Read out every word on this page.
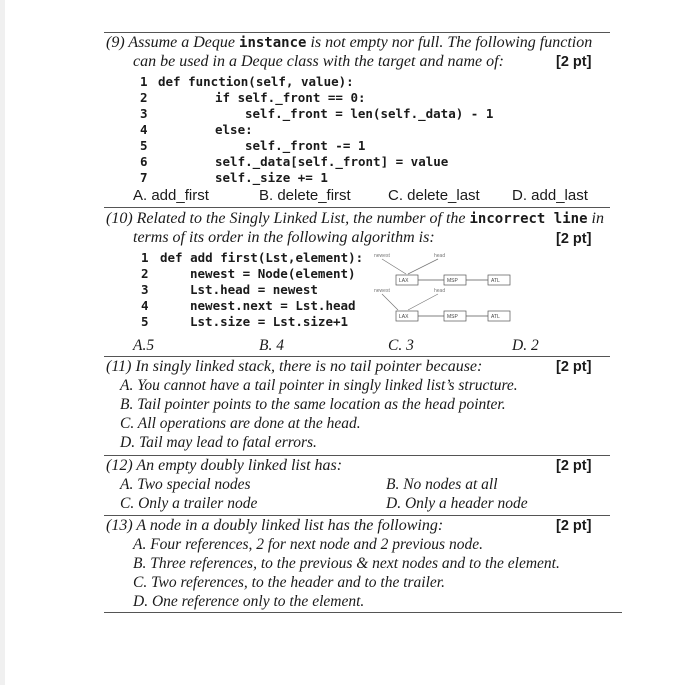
(9) Assume a Deque instance is not empty nor full. The following function
can be used in a Deque class with the target and name of:	[2 pt]
1 def function(self, value):
2	if self._front == 0:
3	self._front = len(self._data) - 1
4	else:
5	self._front -= 1
6	self._data[self._front] = value
7	self._size += 1
A. add_first	B. delete_first C. delete_last D. add_last
(10) Related to the Singly Linked List, the number of the incorrect line in
terms of its order in the following algorithm is:	[2 pt]
1 def add first(Lst,element):
2	newest = Node(element)
3	Lst.head = newest
4	newest.next = Lst.head
5	Lst.size = Lst.size+1
newest	head
LAX	MSP	ATL
newest	head
LAX	MSP	ATL
A.5	B. 4	C. 3	D. 2
(11) In singly linked stack, there is no tail pointer because:	[2 pt]
A. You cannot have a tail pointer in singly linked list’s structure.
B. Tail pointer points to the same location as the head pointer.
C. All operations are done at the head.
D. Tail may lead to fatal errors.
(12) An empty doubly linked list has:	[2 pt]
A. Two special nodes	B. No nodes at all
C. Only a trailer node	D. Only a header node
(13) A node in a doubly linked list has the following:	[2 pt]
A. Four references, 2 for next node and 2 previous node.
B. Three references, to the previous & next nodes and to the element.
C. Two references, to the header and to the trailer.
D. One reference only to the element.
